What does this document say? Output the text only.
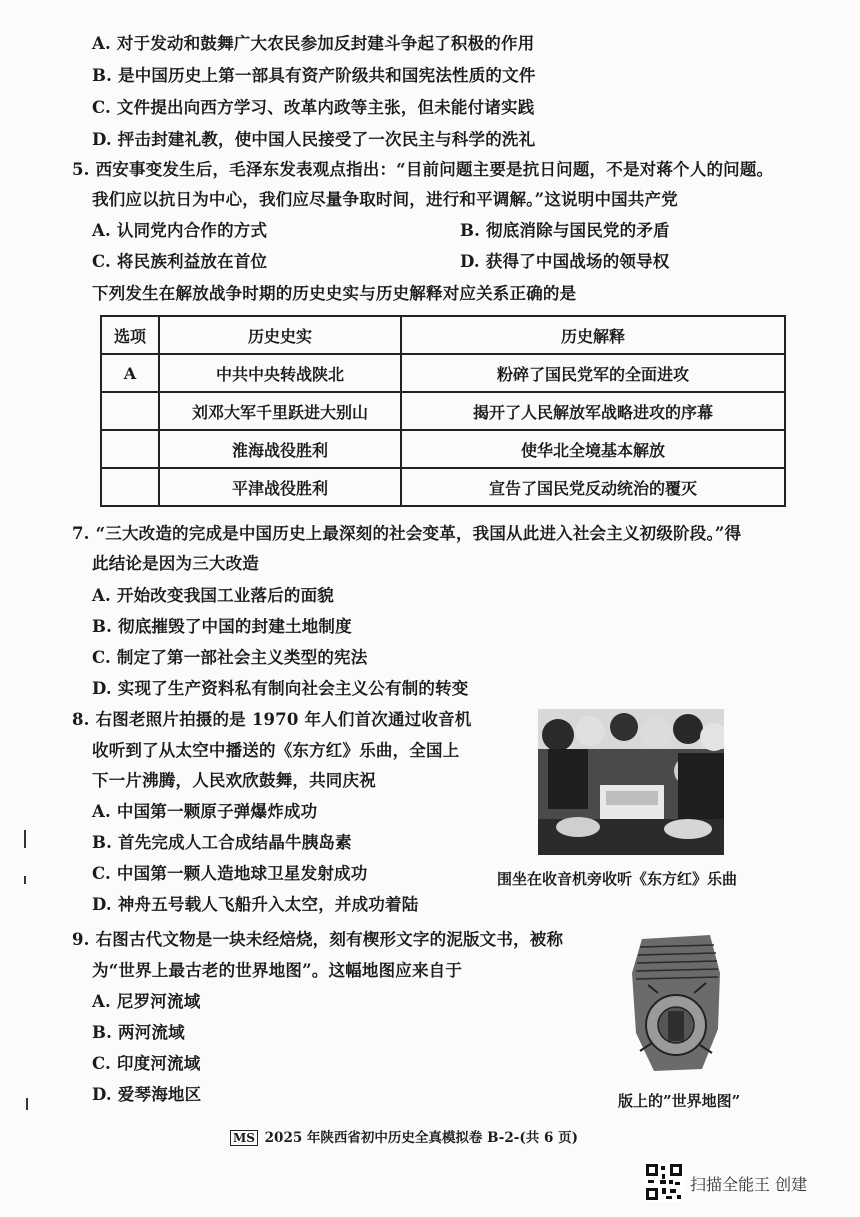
A. 对于发动和鼓舞广大农民参加反封建斗争起了积极的作用
B. 是中国历史上第一部具有资产阶级共和国宪法性质的文件
C. 文件提出向西方学习、改革内政等主张，但未能付诸实践
D. 抨击封建礼教，使中国人民接受了一次民主与科学的洗礼
5. 西安事变发生后，毛泽东发表观点指出：“目前问题主要是抗日问题，不是对蒋个人的问题。
我们应以抗日为中心，我们应尽量争取时间，进行和平调解。”这说明中国共产党
A. 认同党内合作的方式	B. 彻底消除与国民党的矛盾
C. 将民族利益放在首位	D. 获得了中国战场的领导权
下列发生在解放战争时期的历史史实与历史解释对应关系正确的是
选项	历史史实	历史解释
A	中共中央转战陕北	粉碎了国民党军的全面进攻
	刘邓大军千里跃进大别山	揭开了人民解放军战略进攻的序幕
	淮海战役胜利	使华北全境基本解放
	平津战役胜利	宣告了国民党反动统治的覆灭
7. “三大改造的完成是中国历史上最深刻的社会变革，我国从此进入社会主义初级阶段。”得
此结论是因为三大改造
A. 开始改变我国工业落后的面貌
B. 彻底摧毁了中国的封建土地制度
C. 制定了第一部社会主义类型的宪法
D. 实现了生产资料私有制向社会主义公有制的转变
8. 右图老照片拍摄的是 1970 年人们首次通过收音机
收听到了从太空中播送的《东方红》乐曲，全国上
下一片沸腾，人民欢欣鼓舞，共同庆祝
A. 中国第一颗原子弹爆炸成功
B. 首先完成人工合成结晶牛胰岛素
C. 中国第一颗人造地球卫星发射成功
D. 神舟五号载人飞船升入太空，并成功着陆
围坐在收音机旁收听《东方红》乐曲
9. 右图古代文物是一块未经焙烧，刻有楔形文字的泥版文书，被称
为“世界上最古老的世界地图”。这幅地图应来自于
A. 尼罗河流域
B. 两河流域
C. 印度河流域
D. 爱琴海地区	版上的”世界地图”
MS 2025 年陕西省初中历史全真模拟卷 B-2-(共 6 页)
扫描全能王 创建
